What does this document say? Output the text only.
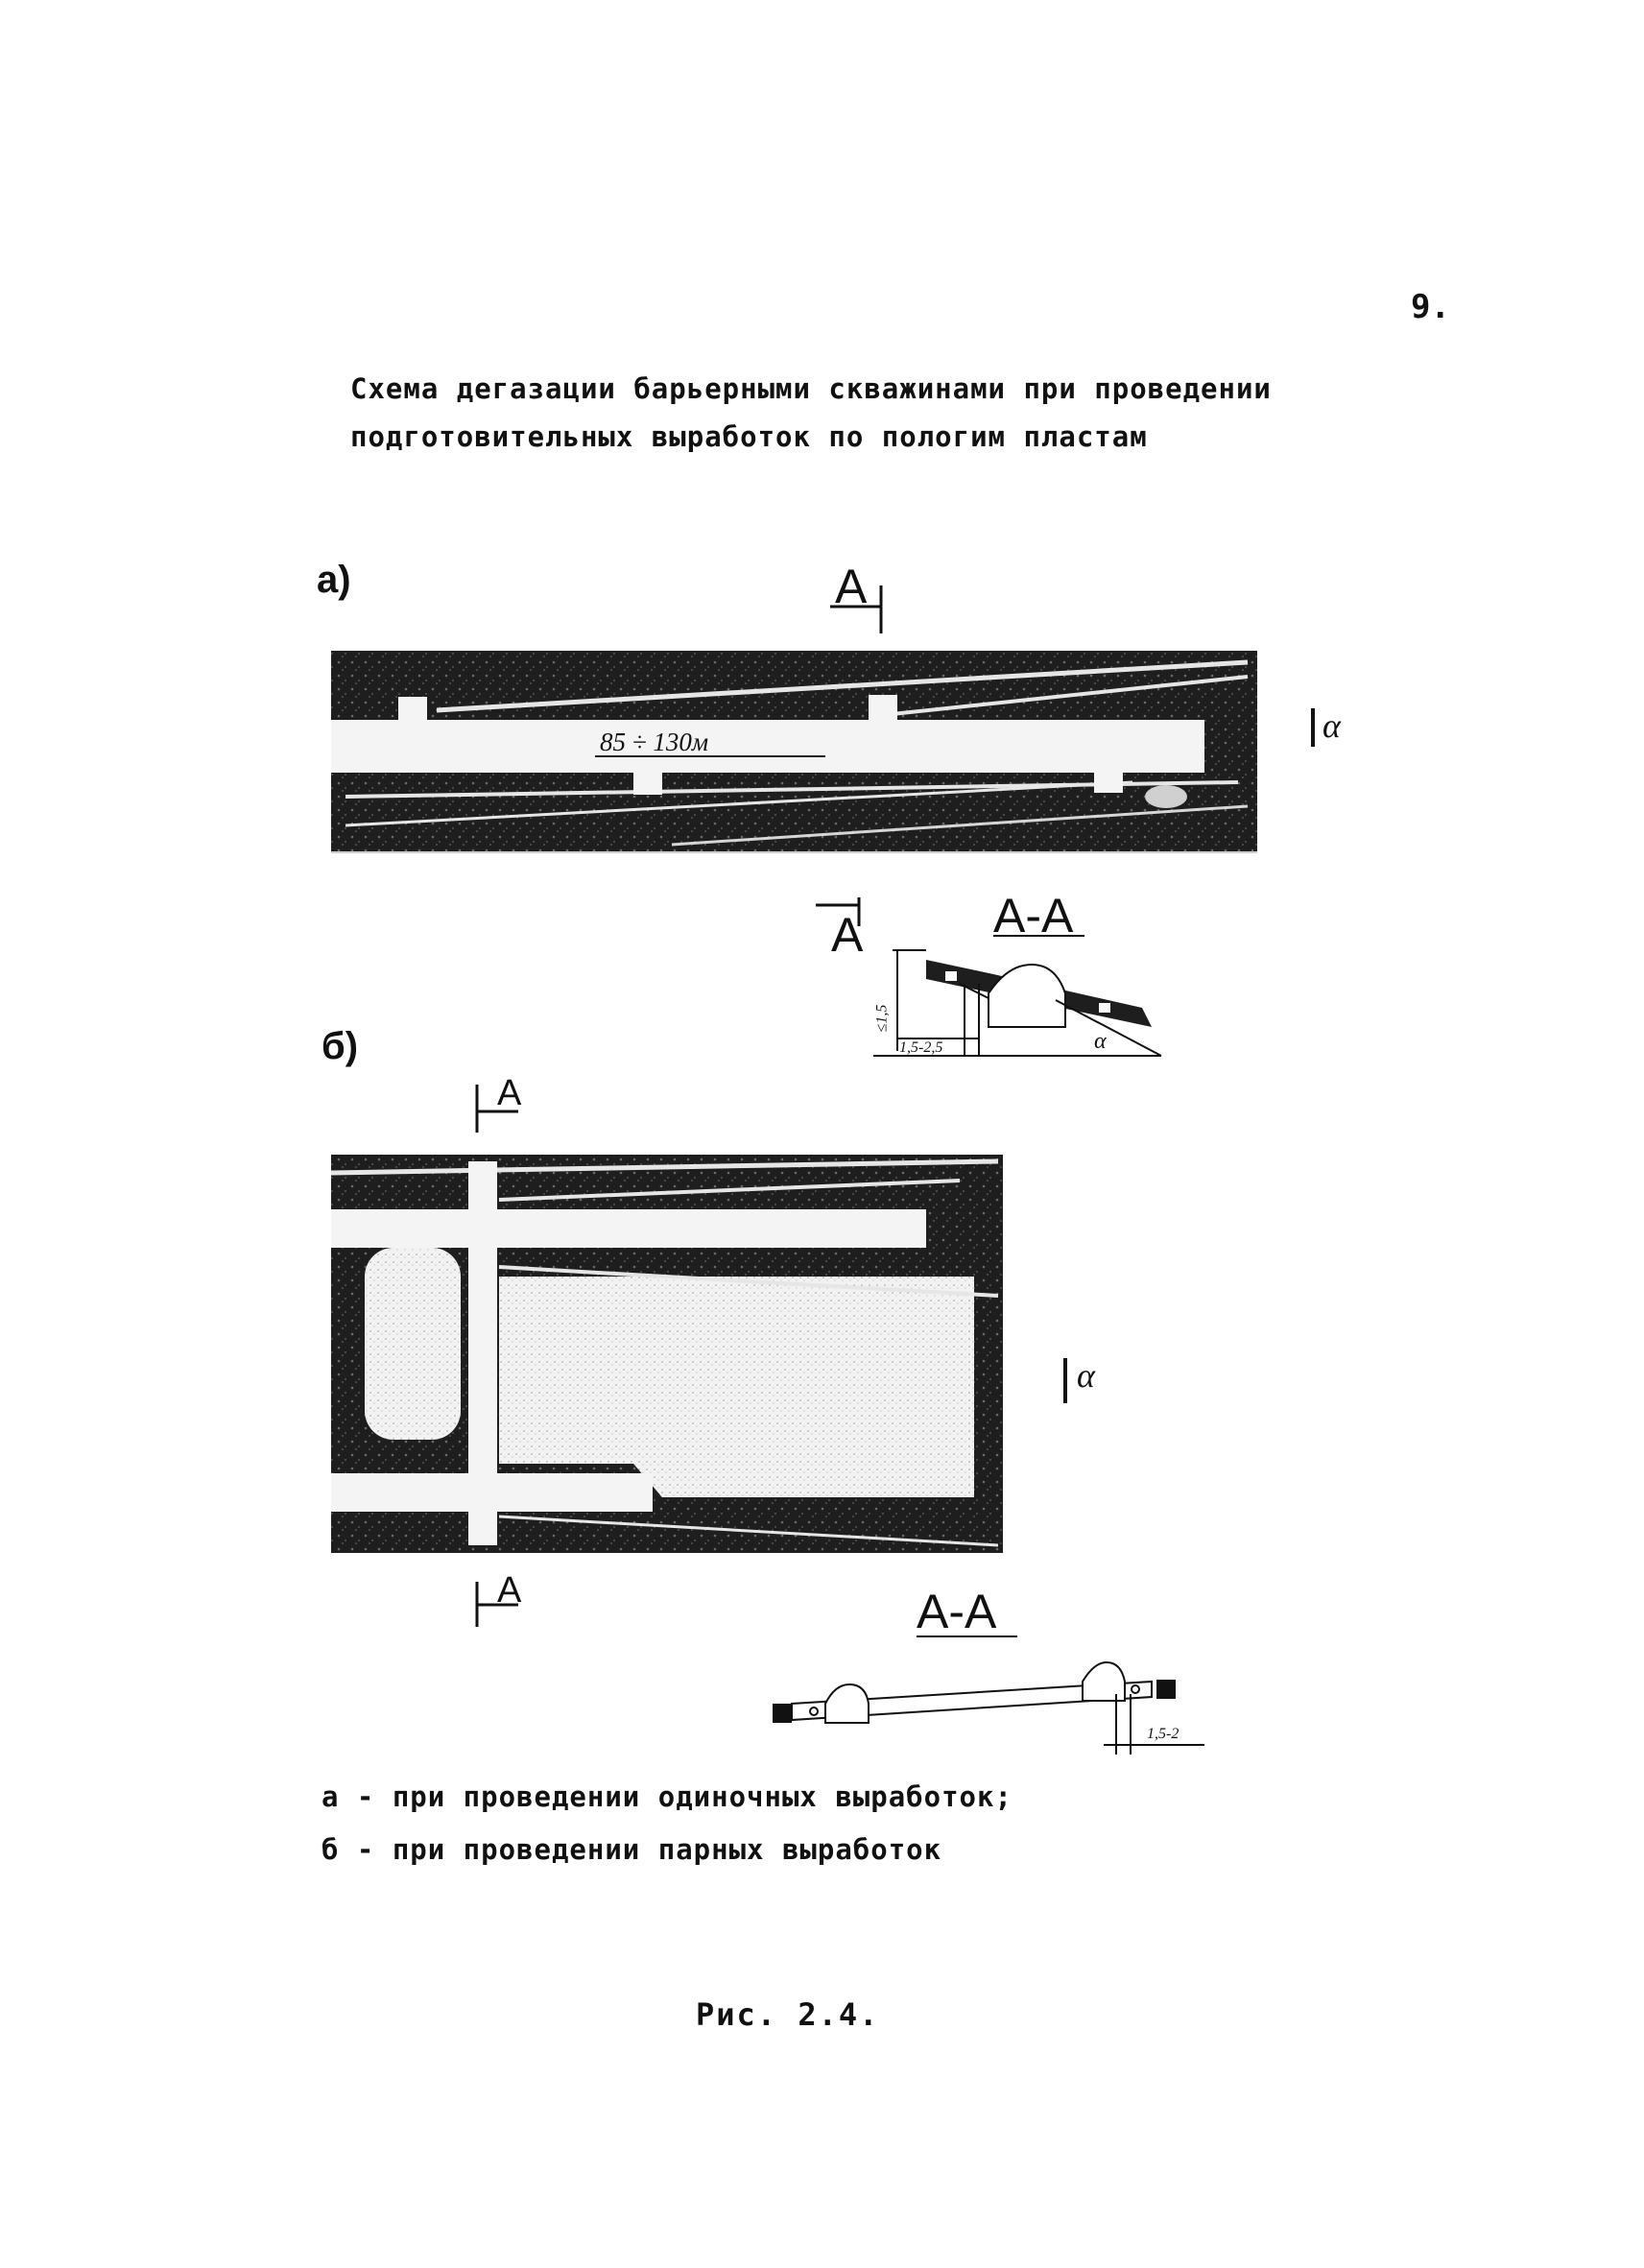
9.
Схема дегазации барьерными скважинами при проведении
подготовительных выработок по пологим пластам
а)	А
85 ÷ 130м	α
А	А-А
≤1,5
1,5-2,5	α
б)
А
α
А	А-А
1,5-2
а - при проведении одиночных выработок;
б - при проведении парных выработок
Рис. 2.4.
